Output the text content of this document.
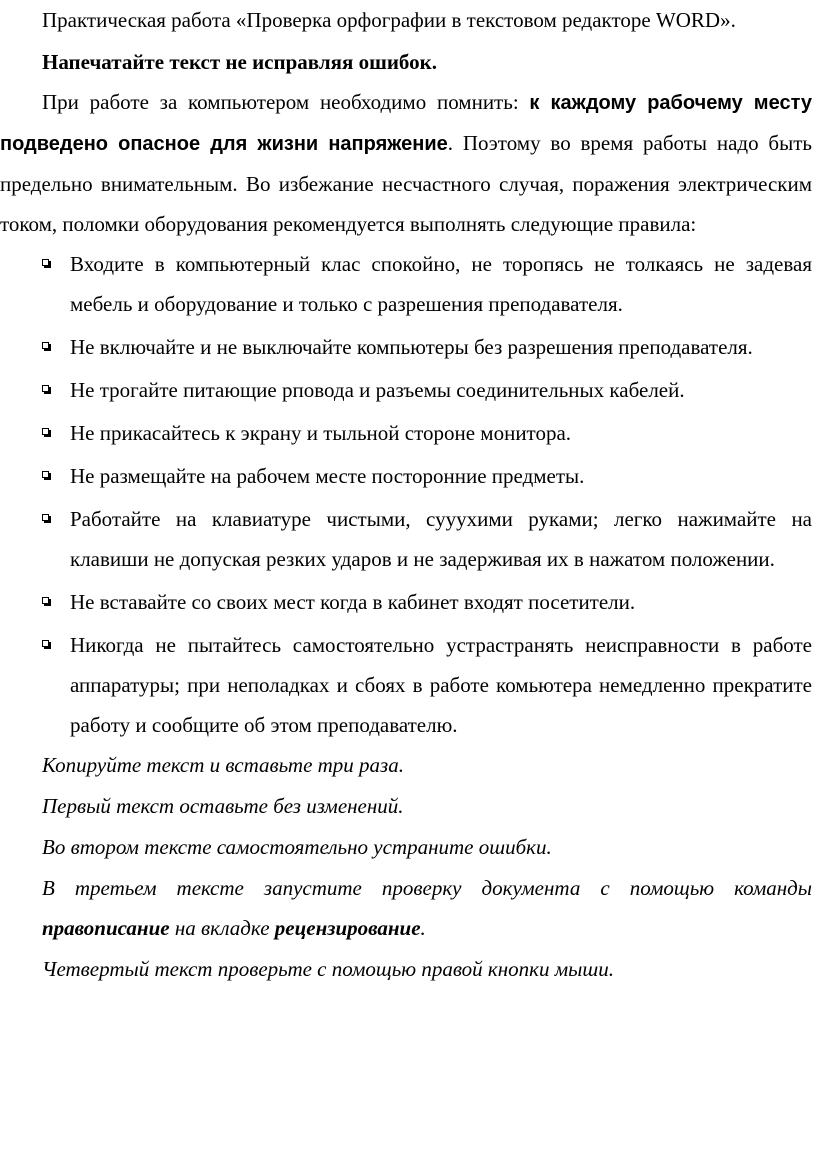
Практическая работа «Проверка орфографии в текстовом редакторе WORD».

Напечатайте текст не исправляя ошибок.

При работе за компьютером необходимо помнить: к каждому рабочему месту подведено опасное для жизни напряжение. Поэтому во время работы надо быть предельно внимательным. Во избежание несчастного случая, поражения электрическим током, поломки оборудования рекомендуется выполнять следующие правила:

Входите в компьютерный клас спокойно, не торопясь не толкаясь не задевая мебель и оборудование и только с разрешения преподавателя.
Не включайте и не выключайте компьютеры без разрешения преподавателя.
Не трогайте питающие рповода и разъемы соединительных кабелей.
Не прикасайтесь к экрану и тыльной стороне монитора.
Не размещайте на рабочем месте посторонние предметы.
Работайте на клавиатуре чистыми, сууухими руками; легко нажимайте на клавиши не допуская резких ударов и не задерживая их в нажатом положении.
Не вставайте со своих мест когда в кабинет входят посетители.
Никогда не пытайтесь самостоятельно устрастранять неисправности в работе аппаратуры; при неполадках и сбоях в работе комьютера немедленно прекратите работу и сообщите об этом преподавателю.

Копируйте текст и вставьте три раза.

Первый текст оставьте без изменений.

Во втором тексте самостоятельно устраните ошибки.

В третьем тексте запустите проверку документа с помощью команды правописание на вкладке рецензирование.

Четвертый текст проверьте с помощью правой кнопки мыши.
